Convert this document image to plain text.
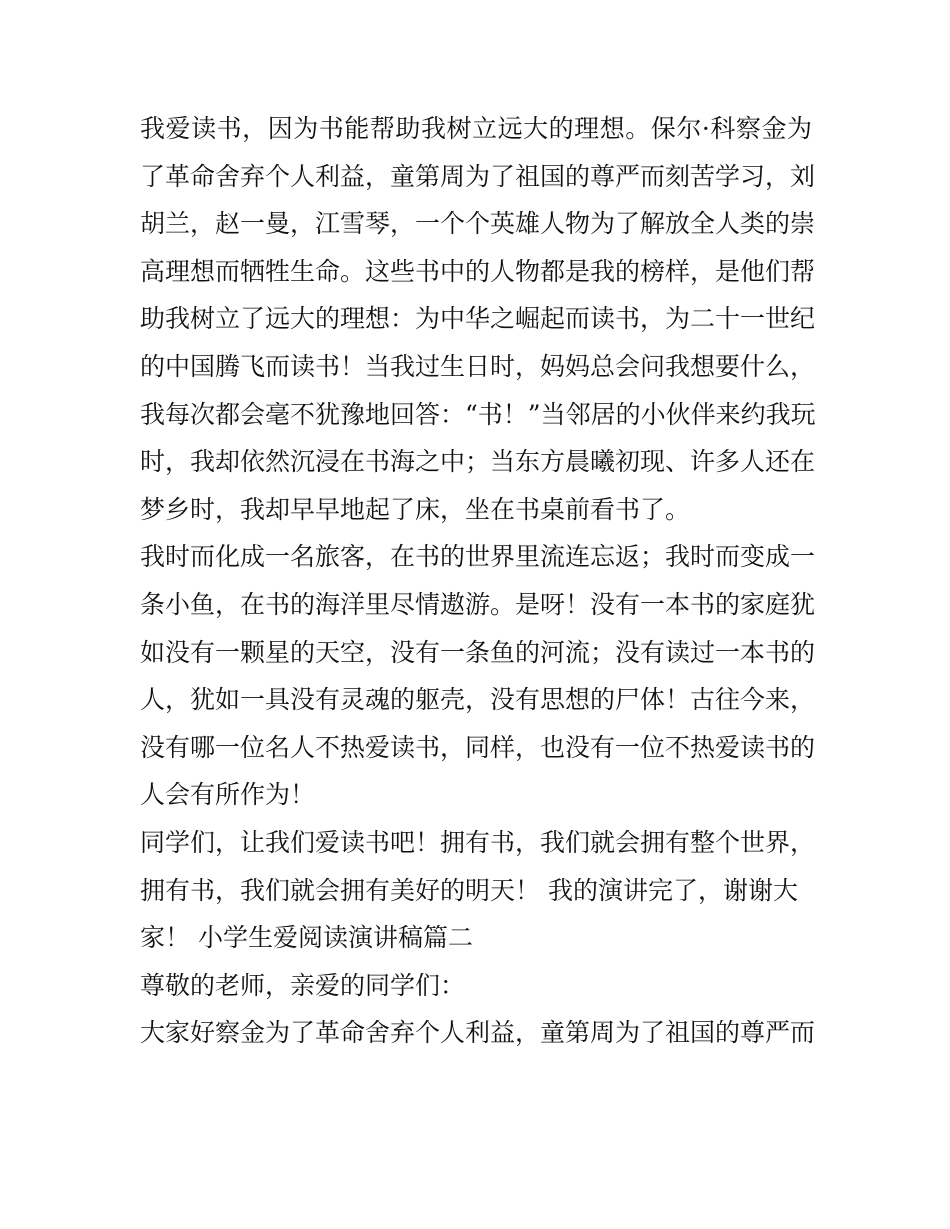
我爱读书，因为书能帮助我树立远大的理想。保尔·科察金为
了革命舍弃个人利益，童第周为了祖国的尊严而刻苦学习，刘
胡兰，赵一曼，江雪琴，一个个英雄人物为了解放全人类的崇
高理想而牺牲生命。这些书中的人物都是我的榜样，是他们帮
助我树立了远大的理想：为中华之崛起而读书，为二十一世纪
的中国腾飞而读书！当我过生日时，妈妈总会问我想要什么，
我每次都会毫不犹豫地回答：“书！”当邻居的小伙伴来约我玩
时，我却依然沉浸在书海之中；当东方晨曦初现、许多人还在
梦乡时，我却早早地起了床，坐在书桌前看书了。
我时而化成一名旅客，在书的世界里流连忘返；我时而变成一
条小鱼，在书的海洋里尽情遨游。是呀！没有一本书的家庭犹
如没有一颗星的天空，没有一条鱼的河流；没有读过一本书的
人，犹如一具没有灵魂的躯壳，没有思想的尸体！古往今来，
没有哪一位名人不热爱读书，同样，也没有一位不热爱读书的
人会有所作为！
同学们，让我们爱读书吧！拥有书，我们就会拥有整个世界，
拥有书，我们就会拥有美好的明天！ 我的演讲完了，谢谢大
家！ 小学生爱阅读演讲稿篇二
尊敬的老师，亲爱的同学们：
大家好察金为了革命舍弃个人利益，童第周为了祖国的尊严而
